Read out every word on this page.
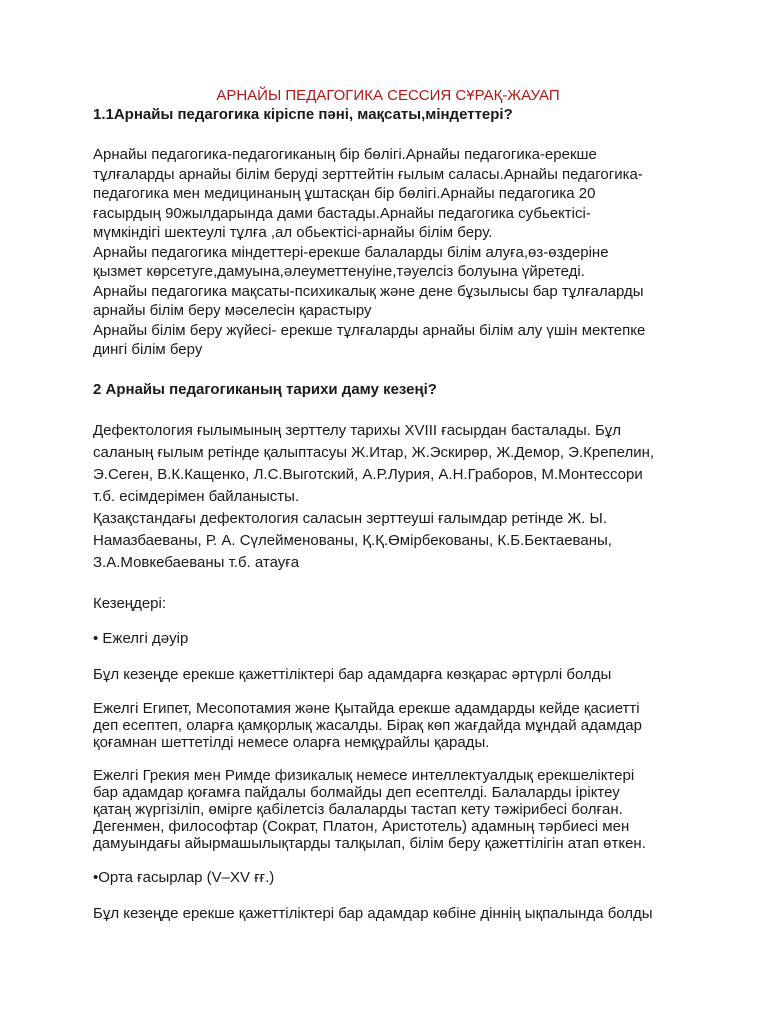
АРНАЙЫ ПЕДАГОГИКА СЕССИЯ СҰРАҚ-ЖАУАП

1.1Арнайы педагогика кіріспе пәні, мақсаты,міндеттері?

Арнайы педагогика-педагогиканың бір бөлігі.Арнайы педагогика-ерекше

тұлғаларды арнайы білім беруді зерттейтін ғылым саласы.Арнайы педагогика-

педагогика мен медицинаның ұштасқан бір бөлігі.Арнайы педагогика 20

ғасырдың 90жылдарында дами бастады.Арнайы педагогика субьектісі-

мүмкіндігі шектеулі тұлға ,ал обьектісі-арнайы білім беру.

Арнайы педагогика міндеттері-ерекше балаларды білім алуға,өз-өздеріне

қызмет көрсетуге,дамуына,әлеуметтенуіне,тәуелсіз болуына үйретеді.

Арнайы педагогика мақсаты-психикалық және дене бұзылысы бар тұлғаларды

арнайы білім беру мәселесін қарастыру

Арнайы білім беру жүйесі- ерекше тұлғаларды арнайы білім алу үшін мектепке

дингі білім беру

2 Арнайы педагогиканың тарихи даму кезеңі?

Дефектология ғылымының зерттелу тарихы XVIII ғасырдан басталады. Бұл

саланың ғылым ретінде қалыптасуы Ж.Итар, Ж.Эскирөр, Ж.Демор, Э.Крепелин,

Э.Сеген, В.К.Кащенко, Л.С.Выготский, А.Р.Лурия, А.Н.Граборов, М.Монтессори

т.б. есімдерімен байланысты.

Қазақстандағы дефектология саласын зерттеуші ғалымдар ретінде Ж. Ы.

Намазбаеваны, Р. А. Сүлейменованы, Қ.Қ.Өмірбековaны, К.Б.Бектаеваны,

З.А.Мовкебаеваны т.б. атауға

Кезеңдері:

• Ежелгі дәуір

Бұл кезеңде ерекше қажеттіліктері бар адамдарға көзқарас әртүрлі болды

Ежелгі Египет, Месопотамия және Қытайда ерекше адамдарды кейде қасиетті

деп есептеп, оларға қамқорлық жасалды. Бірақ көп жағдайда мұндай адамдар

қоғамнан шеттетілді немесе оларға немқұрайлы қарады.

Ежелгі Грекия мен Римде физикалық немесе интеллектуалдық ерекшеліктері

бар адамдар қоғамға пайдалы болмайды деп есептелді. Балаларды іріктеу

қатаң жүргізіліп, өмірге қабілетсіз балаларды тастап кету тәжірибесі болған.

Дегенмен, философтар (Сократ, Платон, Аристотель) адамның тәрбиесі мен

дамуындағы айырмашылықтарды талқылап, білім беру қажеттілігін атап өткен.

•Орта ғасырлар (V–XV ғғ.)

Бұл кезеңде ерекше қажеттіліктері бар адамдар көбіне діннің ықпалында болды
